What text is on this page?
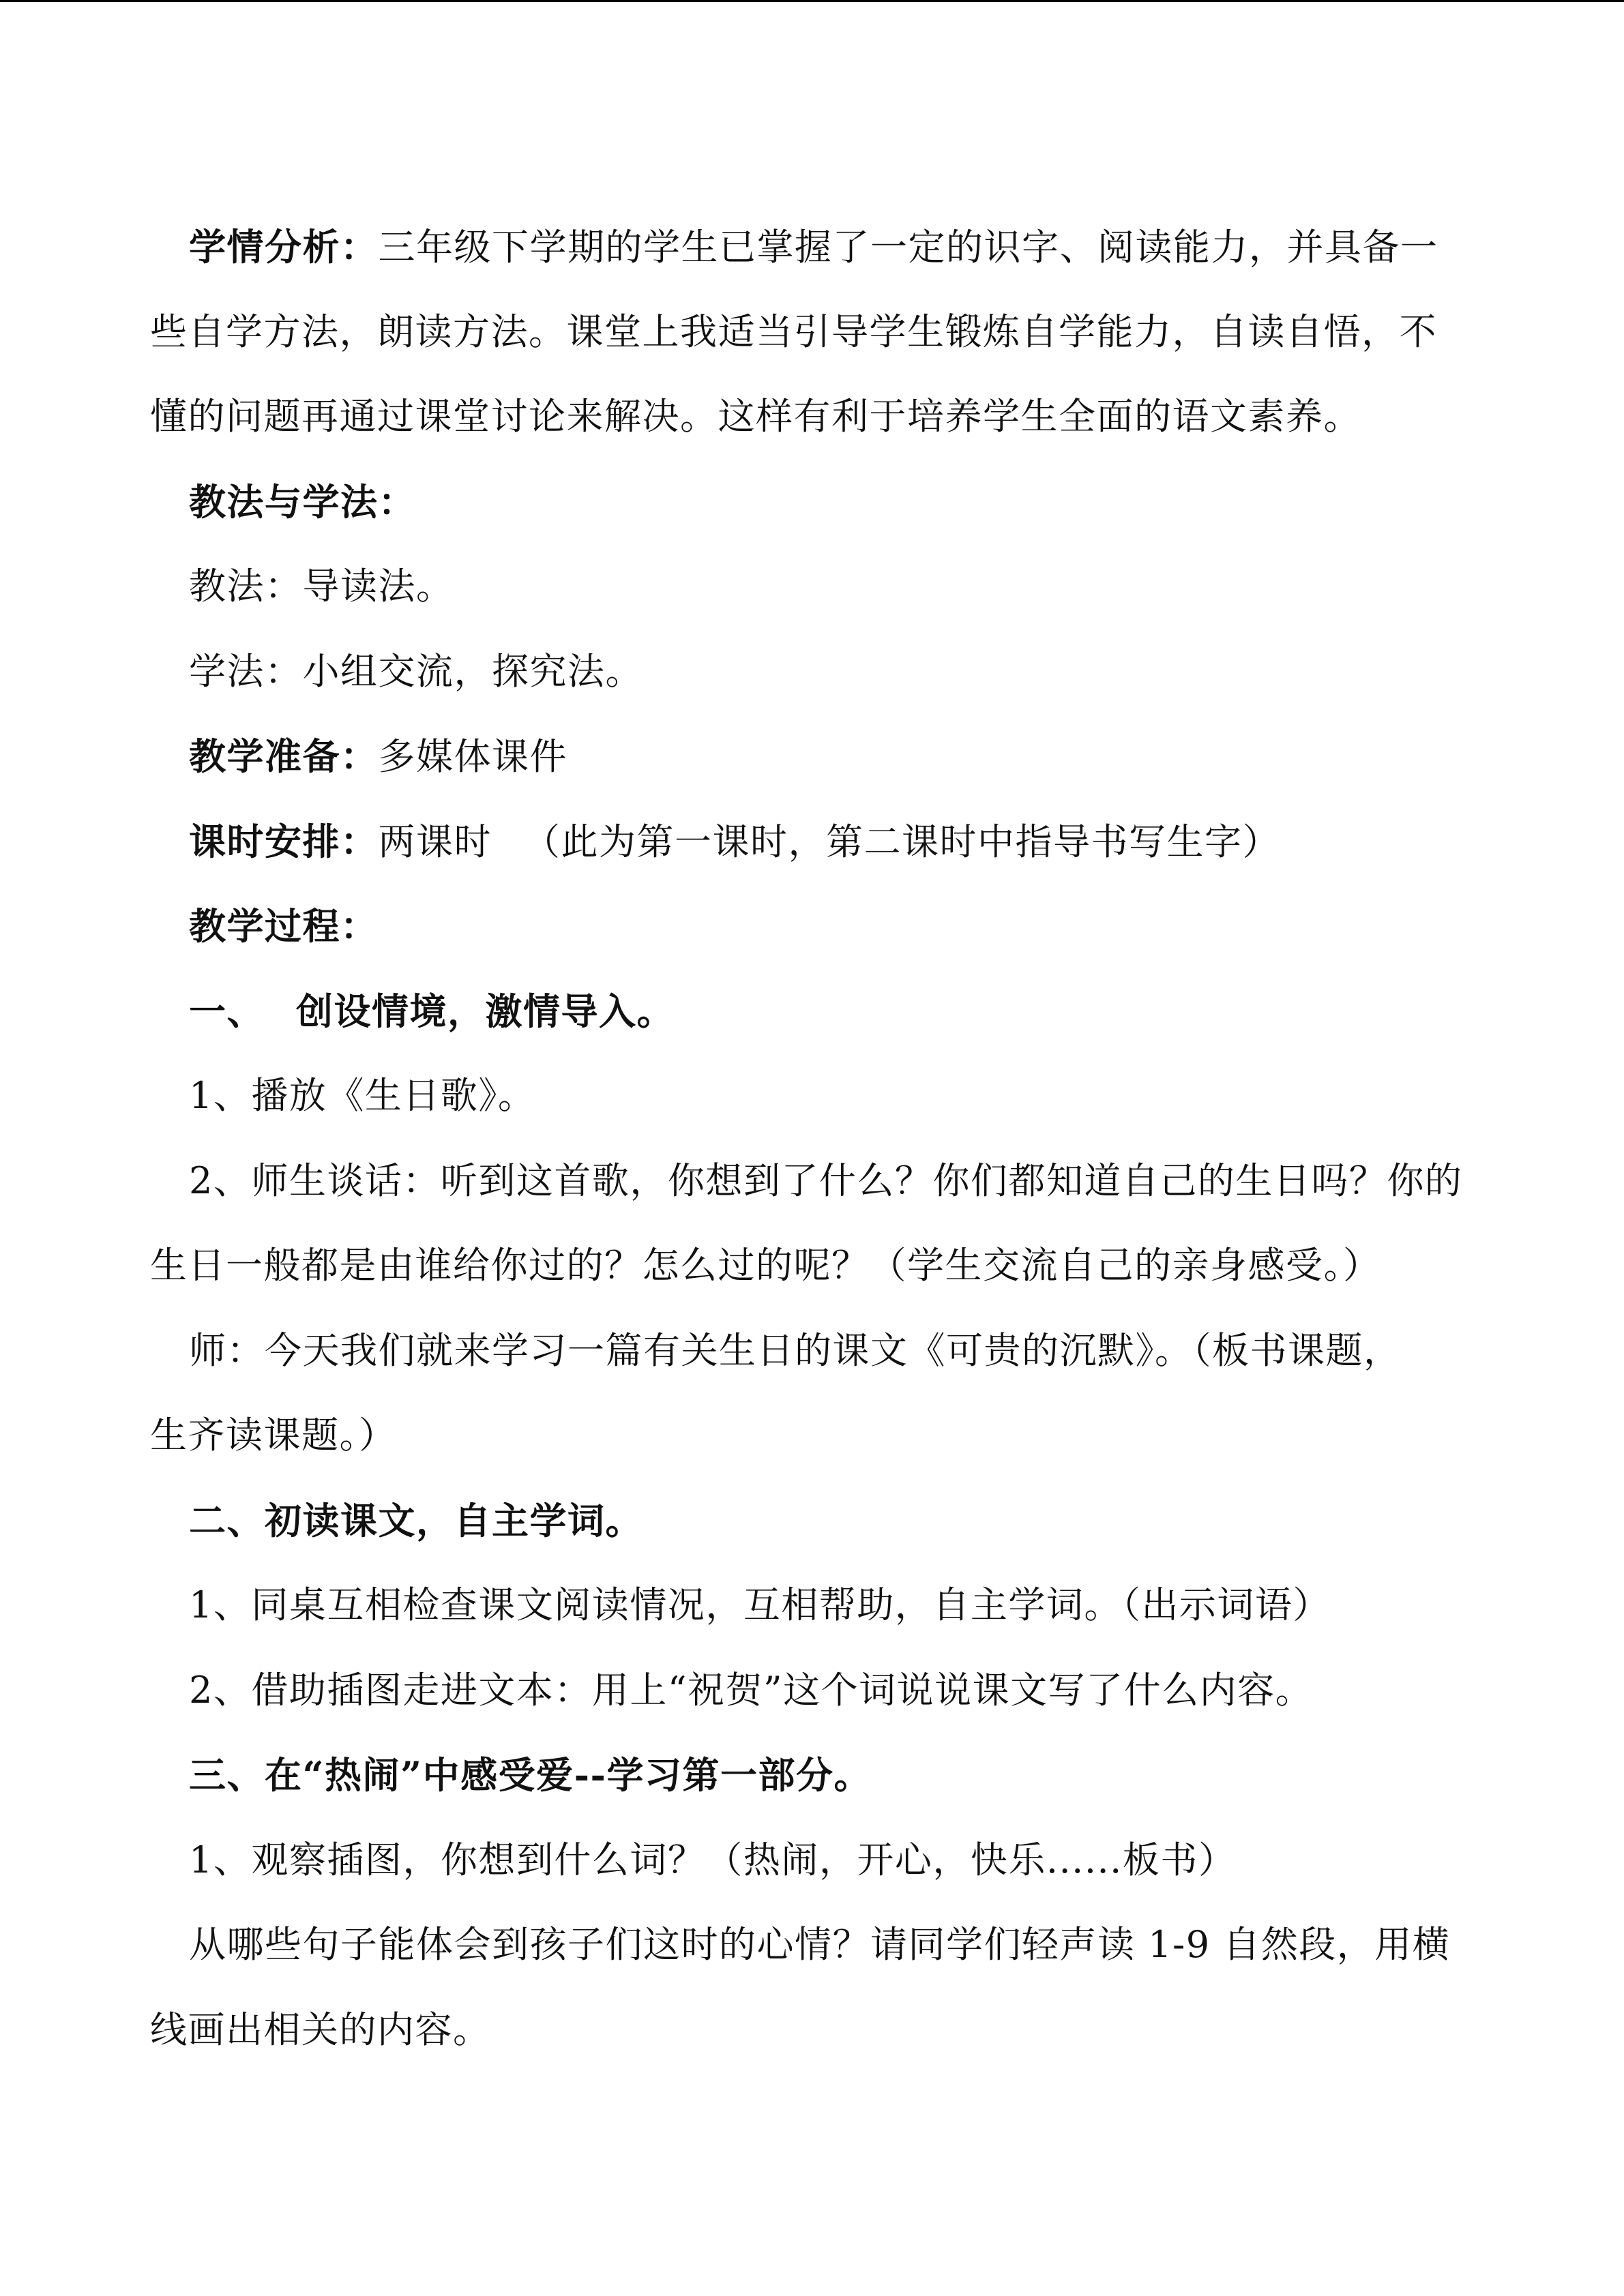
学情分析：三年级下学期的学生已掌握了一定的识字、阅读能力，并具备一
些自学方法，朗读方法。课堂上我适当引导学生锻炼自学能力，自读自悟，不
懂的问题再通过课堂讨论来解决。这样有利于培养学生全面的语文素养。
教法与学法：
教法：导读法。
学法：小组交流，探究法。
教学准备：多媒体课件
课时安排：两课时 （此为第一课时，第二课时中指导书写生字）
教学过程：
一、 创设情境，激情导入。
1、播放《生日歌》。
2、师生谈话：听到这首歌，你想到了什么？你们都知道自己的生日吗？你的
生日一般都是由谁给你过的？怎么过的呢？（学生交流自己的亲身感受。）
师：今天我们就来学习一篇有关生日的课文《可贵的沉默》。（板书课题，
生齐读课题。）
二、初读课文，自主学词。
1、同桌互相检查课文阅读情况，互相帮助，自主学词。（出示词语）
2、借助插图走进文本：用上“祝贺”这个词说说课文写了什么内容。
三、在“热闹”中感受爱--学习第一部分。
1、观察插图，你想到什么词？（热闹，开心，快乐......板书）
从哪些句子能体会到孩子们这时的心情？请同学们轻声读 1-9 自然段，用横
线画出相关的内容。
